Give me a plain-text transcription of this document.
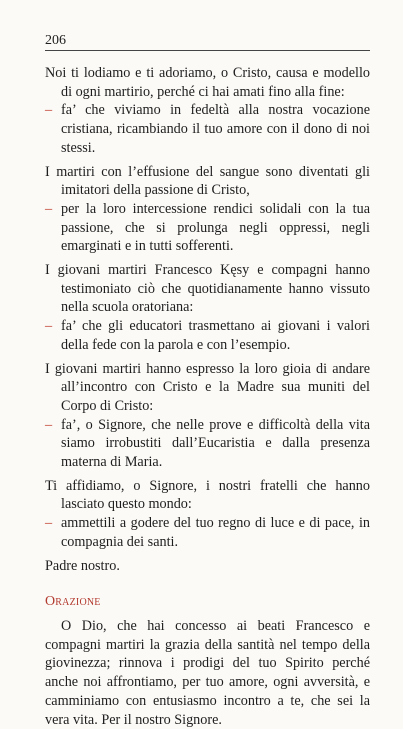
206

Noi ti lodiamo e ti adoriamo, o Cristo, causa e modello di ogni martirio, perché ci hai amati fino alla fine:

– fa’ che viviamo in fedeltà alla nostra vocazione cristiana, ricambiando il tuo amore con il dono di noi stessi.

I martiri con l’effusione del sangue sono diventati gli imitatori della passione di Cristo,

– per la loro intercessione rendici solidali con la tua passione, che si prolunga negli oppressi, negli emarginati e in tutti sofferenti.

I giovani martiri Francesco Kęsy e compagni hanno testimoniato ciò che quotidianamente hanno vissuto nella scuola oratoriana:

– fa’ che gli educatori trasmettano ai giovani i valori della fede con la parola e con l’esempio.

I giovani martiri hanno espresso la loro gioia di andare all’incontro con Cristo e la Madre sua muniti del Corpo di Cristo:

– fa’, o Signore, che nelle prove e difficoltà della vita siamo irrobustiti dall’Eucaristia e dalla presenza materna di Maria.

Ti affidiamo, o Signore, i nostri fratelli che hanno lasciato questo mondo:

– ammettili a godere del tuo regno di luce e di pace, in compagnia dei santi.

Padre nostro.

Orazione

O Dio, che hai concesso ai beati Francesco e compagni martiri la grazia della santità nel tempo della giovinezza; rinnova i prodigi del tuo Spirito perché anche noi affrontiamo, per tuo amore, ogni avversità, e camminiamo con entusiasmo incontro a te, che sei la vera vita. Per il nostro Signore.
